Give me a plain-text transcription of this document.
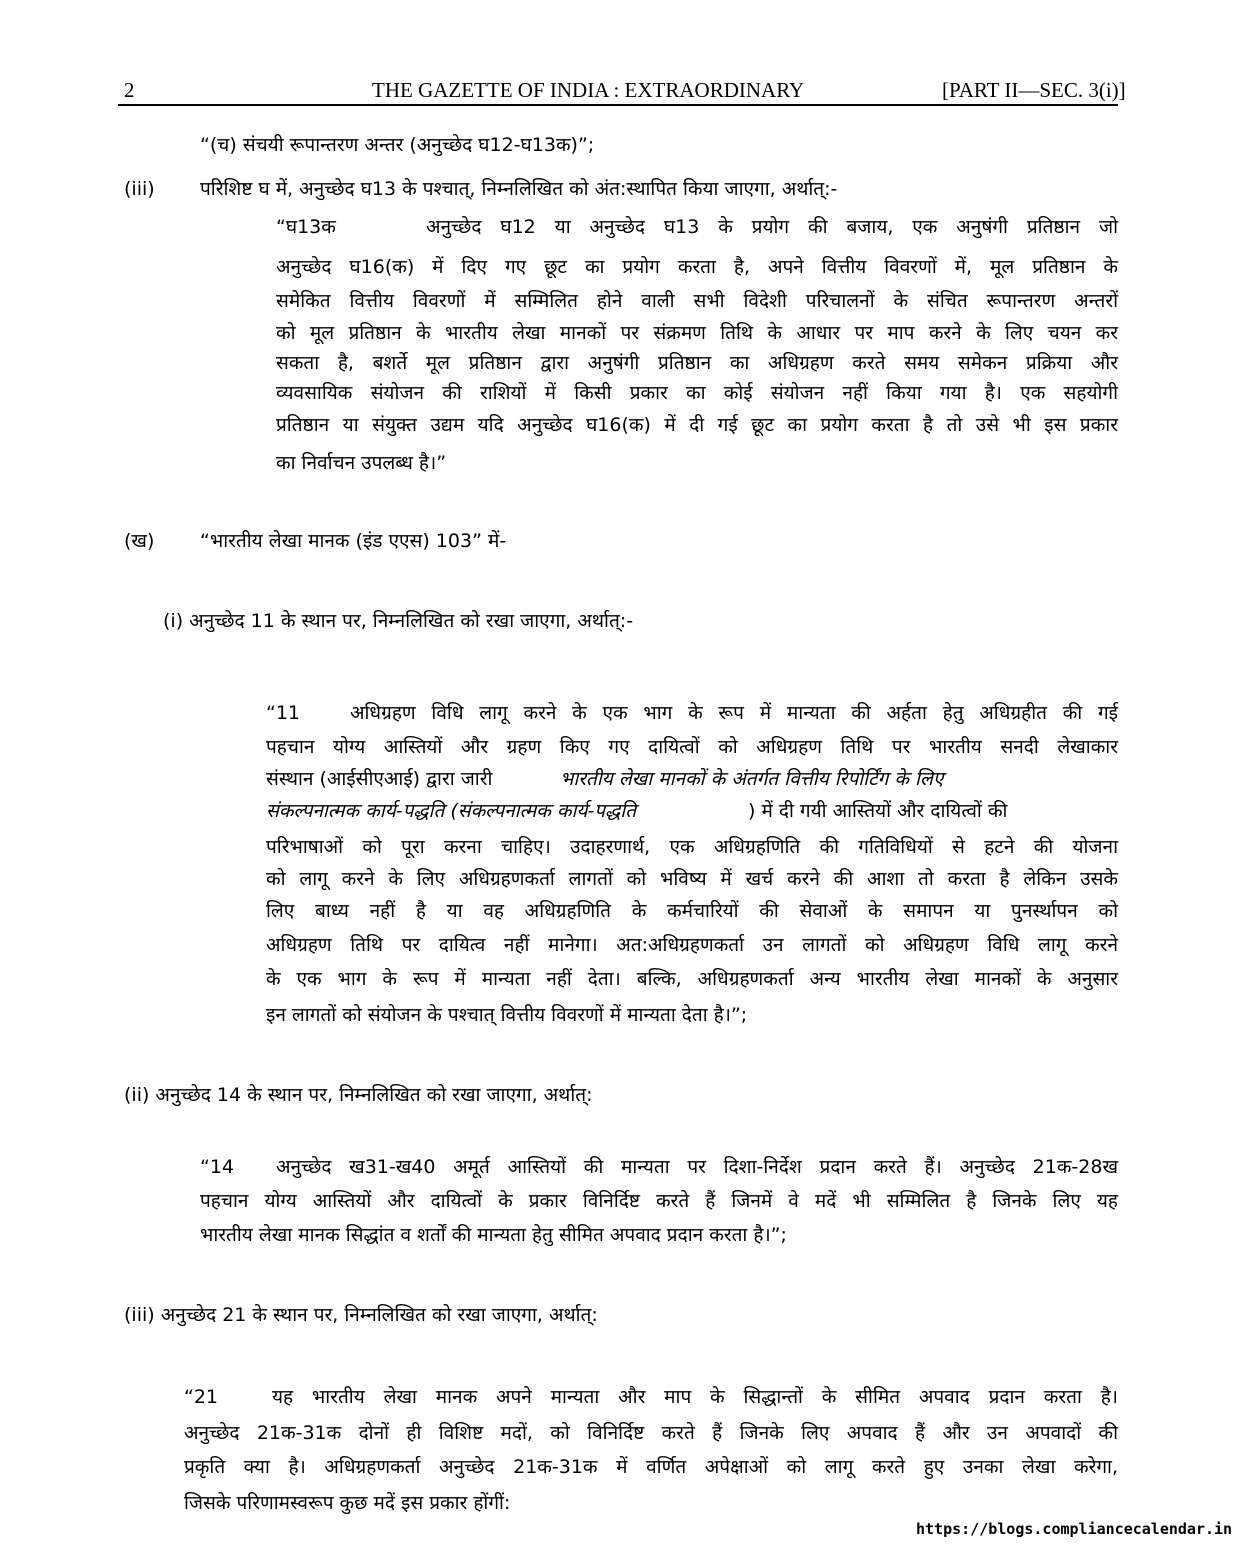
2	THE GAZETTE OF INDIA : EXTRAORDINARY	[PART II—SEC. 3(i)]
“(च) संचयी रूपान्तरण अन्तर (अनुच्छेद घ12-घ13क)”;
(iii) परिशिष्ट घ में, अनुच्छेद घ13 के पश्चात्, निम्नलिखित को अंत:स्थापित किया जाएगा, अर्थात्:-
“घ13क	अनुच्छेद घ12 या अनुच्छेद घ13 के प्रयोग की बजाय, एक अनुषंगी प्रतिष्ठान जो
अनुच्छेद घ16(क) में दिए गए छूट का प्रयोग करता है, अपने वित्तीय विवरणों में, मूल प्रतिष्ठान के
समेकित वित्तीय विवरणों में सम्मिलित होने वाली सभी विदेशी परिचालनों के संचित रूपान्तरण अन्तरों
को मूल प्रतिष्ठान के भारतीय लेखा मानकों पर संक्रमण तिथि के आधार पर माप करने के लिए चयन कर
सकता है, बशर्ते मूल प्रतिष्ठान द्वारा अनुषंगी प्रतिष्ठान का अधिग्रहण करते समय समेकन प्रक्रिया और
व्यवसायिक संयोजन की राशियों में किसी प्रकार का कोई संयोजन नहीं किया गया है। एक सहयोगी
प्रतिष्ठान या संयुक्त उद्यम यदि अनुच्छेद घ16(क) में दी गई छूट का प्रयोग करता है तो उसे भी इस प्रकार
का निर्वाचन उपलब्ध है।”
(ख) “भारतीय लेखा मानक (इंड एएस) 103” में-
(i) अनुच्छेद 11 के स्थान पर, निम्नलिखित को रखा जाएगा, अर्थात्:-
“11	अधिग्रहण विधि लागू करने के एक भाग के रूप में मान्यता की अर्हता हेतु अधिग्रहीत की गई
पहचान योग्य आस्तियों और ग्रहण किए गए दायित्वों को अधिग्रहण तिथि पर भारतीय सनदी लेखाकार
संस्थान (आईसीएआई) द्वारा जारी	भारतीय लेखा मानकों के अंतर्गत वित्तीय रिपोर्टिंग के लिए
संकल्पनात्मक कार्य-पद्धति (संकल्पनात्मक कार्य-पद्धति	) में दी गयी आस्तियों और दायित्वों की
परिभाषाओं को पूरा करना चाहिए। उदाहरणार्थ, एक अधिग्रहणिति की गतिविधियों से हटने की योजना
को लागू करने के लिए अधिग्रहणकर्ता लागतों को भविष्य में खर्च करने की आशा तो करता है लेकिन उसके
लिए बाध्य नहीं है या वह अधिग्रहणिति के कर्मचारियों की सेवाओं के समापन या पुनर्स्थापन को
अधिग्रहण तिथि पर दायित्व नहीं मानेगा। अत:अधिग्रहणकर्ता उन लागतों को अधिग्रहण विधि लागू करने
के एक भाग के रूप में मान्यता नहीं देता। बल्कि, अधिग्रहणकर्ता अन्य भारतीय लेखा मानकों के अनुसार
इन लागतों को संयोजन के पश्चात् वित्तीय विवरणों में मान्यता देता है।”;
(ii) अनुच्छेद 14 के स्थान पर, निम्नलिखित को रखा जाएगा, अर्थात्:
“14 अनुच्छेद ख31-ख40 अमूर्त आस्तियों की मान्यता पर दिशा-निर्देश प्रदान करते हैं। अनुच्छेद 21क-28ख
पहचान योग्य आस्तियों और दायित्वों के प्रकार विनिर्दिष्ट करते हैं जिनमें वे मदें भी सम्मिलित है जिनके लिए यह
भारतीय लेखा मानक सिद्धांत व शर्तों की मान्यता हेतु सीमित अपवाद प्रदान करता है।”;
(iii) अनुच्छेद 21 के स्थान पर, निम्नलिखित को रखा जाएगा, अर्थात्:
“21	यह भारतीय लेखा मानक अपने मान्यता और माप के सिद्धान्तों के सीमित अपवाद प्रदान करता है।
अनुच्छेद 21क-31क दोनों ही विशिष्ट मदों, को विनिर्दिष्ट करते हैं जिनके लिए अपवाद हैं और उन अपवादों की
प्रकृति क्या है। अधिग्रहणकर्ता अनुच्छेद 21क-31क में वर्णित अपेक्षाओं को लागू करते हुए उनका लेखा करेगा,
जिसके परिणामस्वरूप कुछ मदें इस प्रकार होंगीं:
https://blogs.compliancecalendar.in
